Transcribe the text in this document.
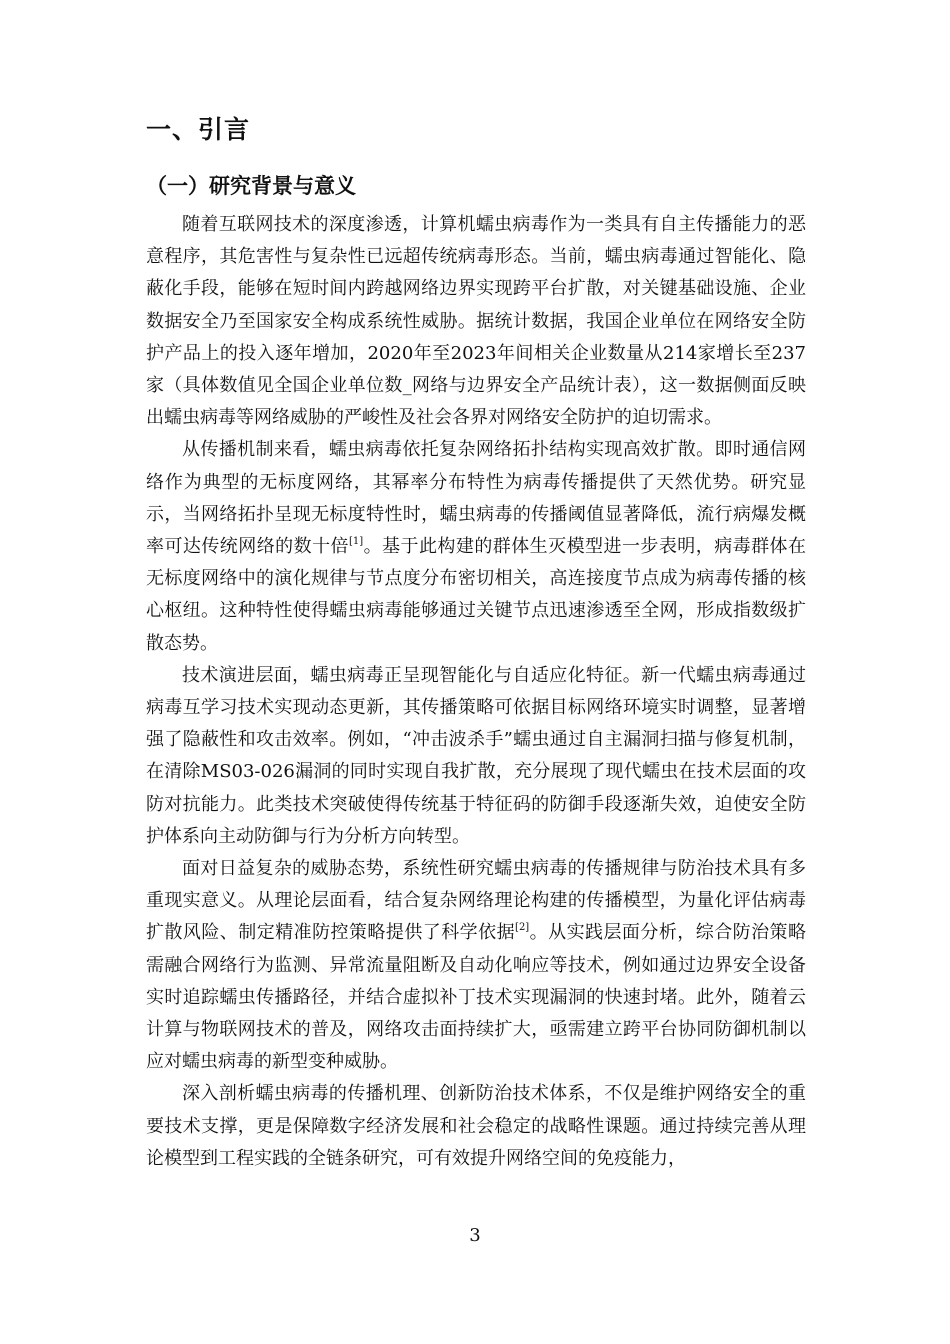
一、引言
（一）研究背景与意义

随着互联网技术的深度渗透，计算机蠕虫病毒作为一类具有自主传播能力的恶意程序，其危害性与复杂性已远超传统病毒形态。当前，蠕虫病毒通过智能化、隐蔽化手段，能够在短时间内跨越网络边界实现跨平台扩散，对关键基础设施、企业数据安全乃至国家安全构成系统性威胁。据统计数据，我国企业单位在网络安全防护产品上的投入逐年增加，2020年至2023年间相关企业数量从214家增长至237家（具体数值见全国企业单位数_网络与边界安全产品统计表），这一数据侧面反映出蠕虫病毒等网络威胁的严峻性及社会各界对网络安全防护的迫切需求。

从传播机制来看，蠕虫病毒依托复杂网络拓扑结构实现高效扩散。即时通信网络作为典型的无标度网络，其幂率分布特性为病毒传播提供了天然优势。研究显示，当网络拓扑呈现无标度特性时，蠕虫病毒的传播阈值显著降低，流行病爆发概率可达传统网络的数十倍[1]。基于此构建的群体生灭模型进一步表明，病毒群体在无标度网络中的演化规律与节点度分布密切相关，高连接度节点成为病毒传播的核心枢纽。这种特性使得蠕虫病毒能够通过关键节点迅速渗透至全网，形成指数级扩散态势。

技术演进层面，蠕虫病毒正呈现智能化与自适应化特征。新一代蠕虫病毒通过病毒互学习技术实现动态更新，其传播策略可依据目标网络环境实时调整，显著增强了隐蔽性和攻击效率。例如，“冲击波杀手”蠕虫通过自主漏洞扫描与修复机制，在清除MS03-026漏洞的同时实现自我扩散，充分展现了现代蠕虫在技术层面的攻防对抗能力。此类技术突破使得传统基于特征码的防御手段逐渐失效，迫使安全防护体系向主动防御与行为分析方向转型。

面对日益复杂的威胁态势，系统性研究蠕虫病毒的传播规律与防治技术具有多重现实意义。从理论层面看，结合复杂网络理论构建的传播模型，为量化评估病毒扩散风险、制定精准防控策略提供了科学依据[2]。从实践层面分析，综合防治策略需融合网络行为监测、异常流量阻断及自动化响应等技术，例如通过边界安全设备实时追踪蠕虫传播路径，并结合虚拟补丁技术实现漏洞的快速封堵。此外，随着云计算与物联网技术的普及，网络攻击面持续扩大，亟需建立跨平台协同防御机制以应对蠕虫病毒的新型变种威胁。

深入剖析蠕虫病毒的传播机理、创新防治技术体系，不仅是维护网络安全的重要技术支撑，更是保障数字经济发展和社会稳定的战略性课题。通过持续完善从理论模型到工程实践的全链条研究，可有效提升网络空间的免疫能力，

3
